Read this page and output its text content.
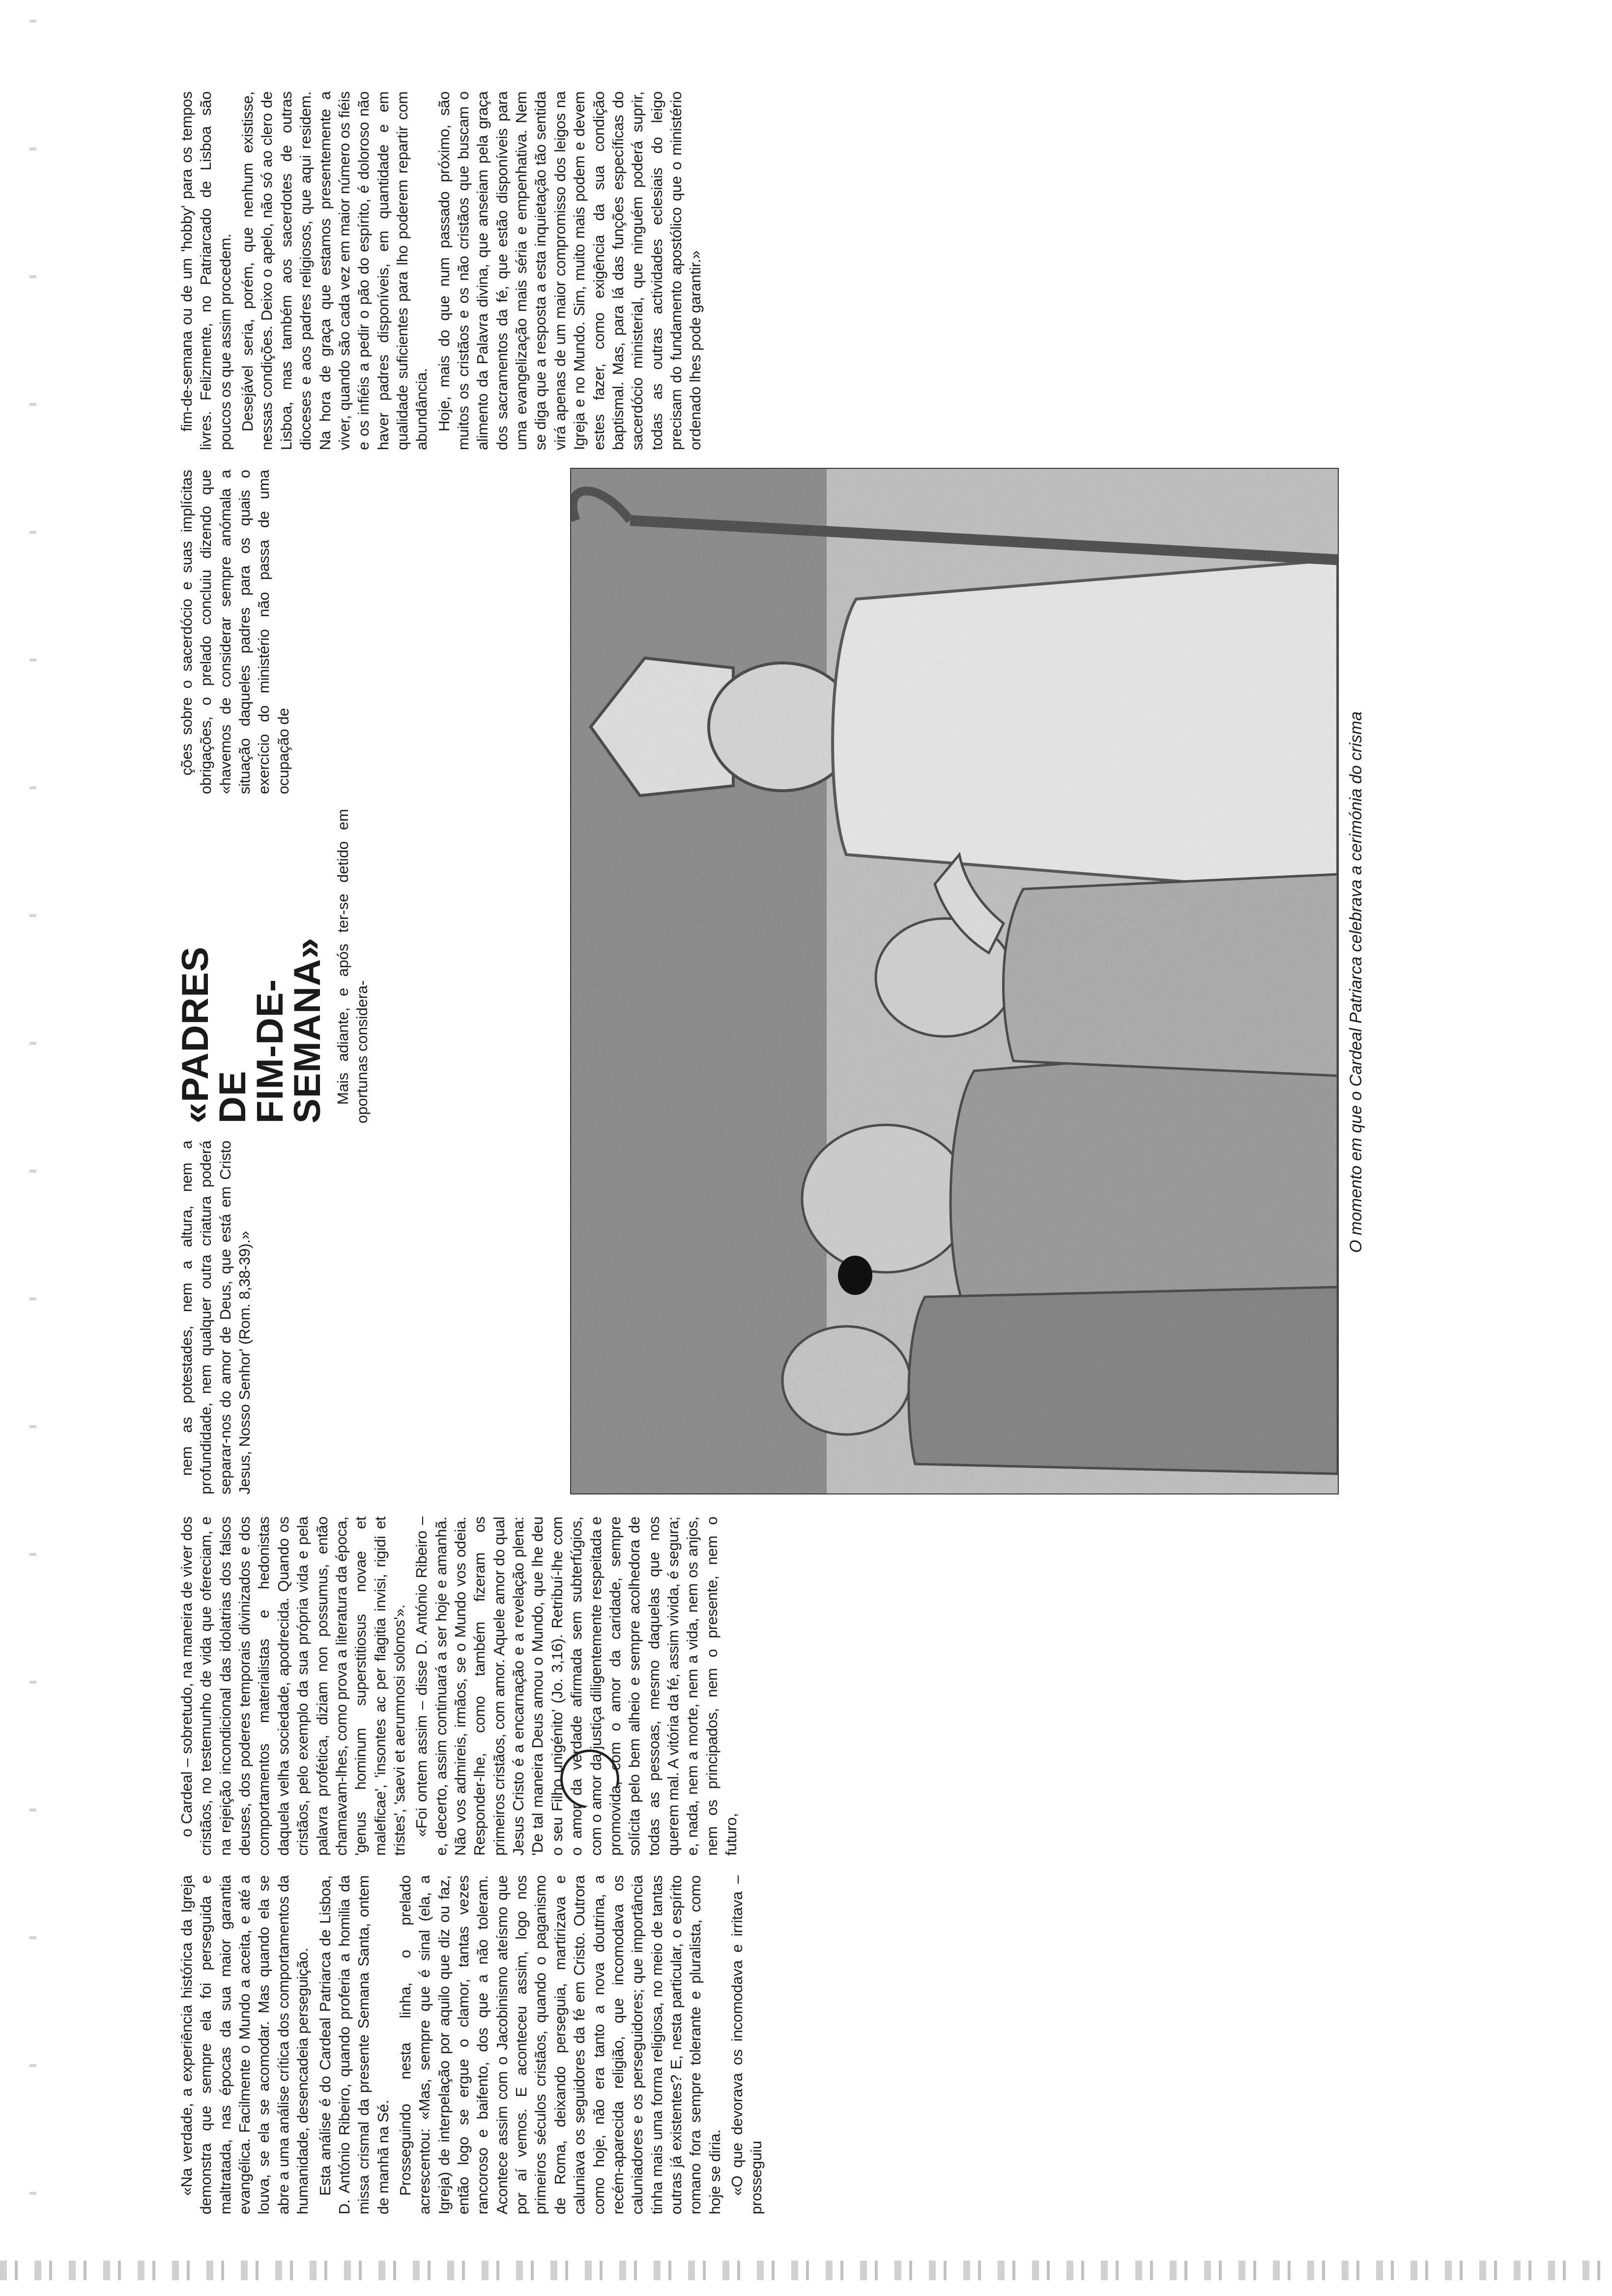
«Na verdade, a experiência histórica da Igreja demonstra que sempre ela foi perseguida e maltratada, nas épocas da sua maior garantia evangélica. Facilmente o Mundo a aceita, e até a louva, se ela se acomodar. Mas quando ela se abre a uma análise crítica dos comportamentos da humanidade, desencadeia perseguição. Esta análise é do Cardeal Patriarca de Lisboa, D. António Ribeiro, quando proferia a homilia da missa crismal da presente Semana Santa, ontem de manhã na Sé. Prosseguindo nesta linha, o prelado acrescentou: «Mas, sempre que é sinal (ela, a Igreja) de interpelação por aquilo que diz ou faz, então logo se ergue o clamor, tantas vezes rancoroso e baifento, dos que a não toleram. Acontece assim com o Jacobinismo ateísmo que por aí vemos. E aconteceu assim, logo nos primeiros séculos cristãos, quando o paganismo de Roma, deixando perseguia, martirizava e caluniava os seguidores da fé em Cristo. Outrora como hoje, não era tanto a nova doutrina, a recém-aparecida religião, que incomodava os caluniadores e os perseguidores; que importância tinha mais uma forma religiosa, no meio de tantas outras já existentes? E, nesta particular, o espírito romano fora sempre tolerante e pluralista, como hoje se diria. «O que devorava os incomodava e irritava – prosseguiu

o Cardeal – sobretudo, na maneira de viver dos cristãos, no testemunho de vida que ofereciam, e na rejeição incondicional das idolatrias dos falsos deuses, dos poderes temporais divinizados e dos comportamentos materialistas e hedonistas daquela velha sociedade, apodrecida. Quando os cristãos, pelo exemplo da sua própria vida e pela palavra profética, diziam non possumus, então chamavam-lhes, como prova a literatura da época, 'genus hominum superstitiosus novae et maleficae', 'insontes ac per flagitia invisi, rigidi et tristes', 'saevi et aerumnosi solonos'». «Foi ontem assim – disse D. António Ribeiro – e, decerto, assim continuará a ser hoje e amanhã. Não vos admireis, irmãos, se o Mundo vos odeia. Responder-lhe, como também fizeram os primeiros cristãos, com amor. Aquele amor do qual Jesus Cristo é a encarnação e a revelação plena: 'De tal maneira Deus amou o Mundo, que lhe deu o seu Filho unigénito' (Jo. 3,16). Retribuí-lhe com o amor da verdade afirmada sem subterfúgios, com o amor da justiça diligentemente respeitada e promovida, com o amor da caridade, sempre solícita pelo bem alheio e sempre acolhedora de todas as pessoas, mesmo daquelas que nos querem mal. A vitória da fé, assim vivida, é segura; e, nada, nem a morte, nem a vida, nem os anjos, nem os principados, nem o presente, nem o futuro,

nem as potestades, nem a altura, nem a profundidade, nem qualquer outra criatura poderá separar-nos do amor de Deus, que está em Cristo Jesus, Nosso Senhor' (Rom. 8,38-39).»

«PADRES
DE
FIM-DE-SEMANA» Mais adiante, e após ter-se detido em oportunas considera-

ções sobre o sacerdócio e suas implícitas obrigações, o prelado concluiu dizendo que «havemos de considerar sempre anómala a situação daqueles padres para os quais o exercício do ministério não passa de uma ocupação de

fim-de-semana ou de um 'hobby' para os tempos livres. Felizmente, no Patriarcado de Lisboa são poucos os que assim procedem. Desejável seria, porém, que nenhum existisse, nessas condições. Deixo o apelo, não só ao clero de Lisboa, mas também aos sacerdotes de outras dioceses e aos padres religiosos, que aqui residem. Na hora de graça que estamos presentemente a viver, quando são cada vez em maior número os fiéis e os infiéis a pedir o pão do espírito, é doloroso não haver padres disponíveis, em quantidade e em qualidade suficientes para lho poderem repartir com abundância. Hoje, mais do que num passado próximo, são muitos os cristãos e os não cristãos que buscam o alimento da Palavra divina, que anseiam pela graça dos sacramentos da fé, que estão disponíveis para uma evangelização mais séria e empenhativa. Nem se diga que a resposta a esta inquietação tão sentida virá apenas de um maior compromisso dos leigos na Igreja e no Mundo. Sim, muito mais podem e devem estes fazer, como exigência da sua condição baptismal. Mas, para lá das funções específicas do sacerdócio ministerial, que ninguém poderá suprir, todas as outras actividades eclesiais do leigo precisam do fundamento apostólico que o ministério ordenado lhes pode garantir.»

O momento em que o Cardeal Patriarca celebrava a cerimónia do crisma
